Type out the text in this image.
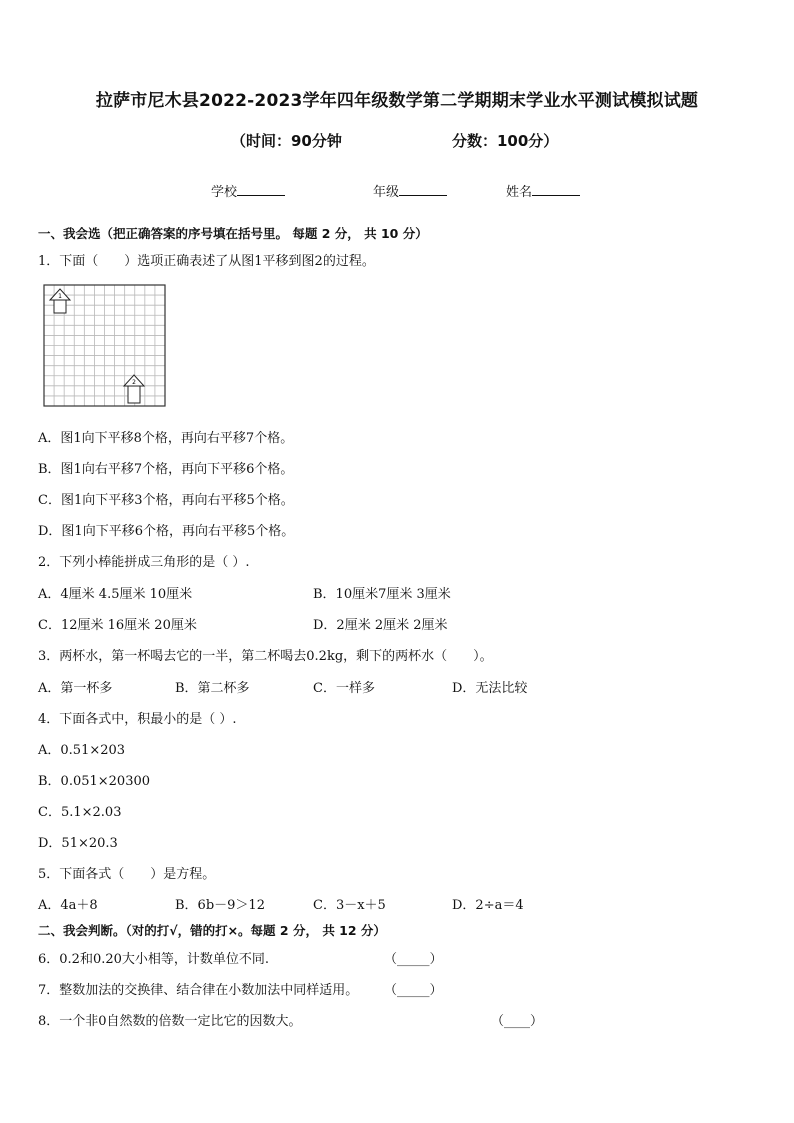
拉萨市尼木县2022-2023学年四年级数学第二学期期末学业水平测试模拟试题
（时间：90分钟	分数：100分）
学校	年级	姓名
一、我会选（把正确答案的序号填在括号里。 每题 2 分， 共 10 分）
1．下面（　　）选项正确表述了从图1平移到图2的过程。
1
2
A．图1向下平移8个格，再向右平移7个格。
B．图1向右平移7个格，再向下平移6个格。
C．图1向下平移3个格，再向右平移5个格。
D．图1向下平移6个格，再向右平移5个格。
2．下列小棒能拼成三角形的是（ ）.
A．4厘米 4.5厘米 10厘米	B．10厘米7厘米 3厘米
C．12厘米 16厘米 20厘米	D．2厘米 2厘米 2厘米
3．两杯水，第一杯喝去它的一半，第二杯喝去0.2kg，剩下的两杯水（　　）。
A．第一杯多	B．第二杯多	C．一样多	D．无法比较
4．下面各式中，积最小的是（ ）.
A．0.51×203
B．0.051×20300
C．5.1×2.03
D．51×20.3
5．下面各式（　　）是方程。
A．4a＋8	B．6b－9＞12	C．3－x＋5	D．2÷a＝4
二、我会判断。（对的打√，错的打×。每题 2 分， 共 12 分）
6．0.2和0.20大小相等，计数单位不同.	（_____）
7．整数加法的交换律、结合律在小数加法中同样适用。 （_____）
8．一个非0自然数的倍数一定比它的因数大。	（____）
